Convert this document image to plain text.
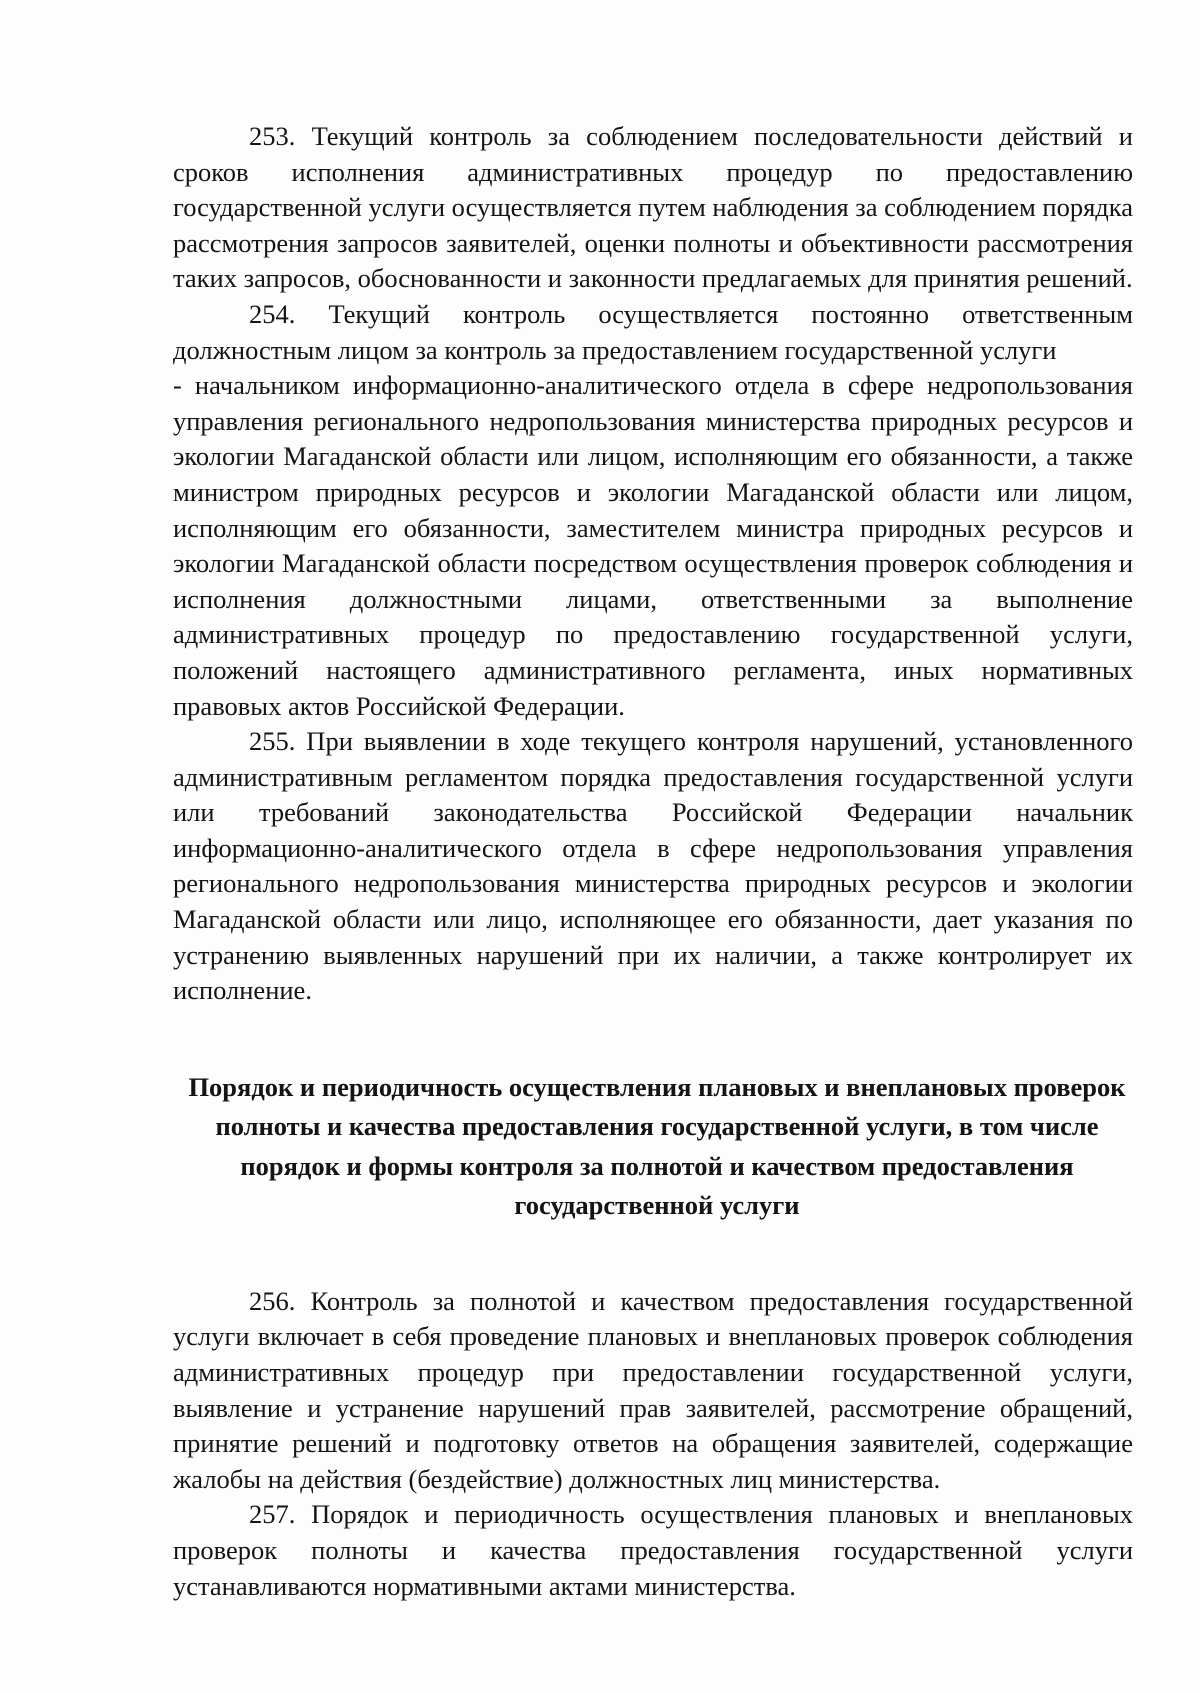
253. Текущий контроль за соблюдением последовательности действий и сроков исполнения административных процедур по предоставлению государственной услуги осуществляется путем наблюдения за соблюдением порядка рассмотрения запросов заявителей, оценки полноты и объективности рассмотрения таких запросов, обоснованности и законности предлагаемых для принятия решений.

254. Текущий контроль осуществляется постоянно ответственным должностным лицом за контроль за предоставлением государственной услуги
- начальником информационно-аналитического отдела в сфере недропользования управления регионального недропользования министерства природных ресурсов и экологии Магаданской области или лицом, исполняющим его обязанности, а также министром природных ресурсов и экологии Магаданской области или лицом, исполняющим его обязанности, заместителем министра природных ресурсов и экологии Магаданской области посредством осуществления проверок соблюдения и исполнения должностными лицами, ответственными за выполнение административных процедур по предоставлению государственной услуги, положений настоящего административного регламента, иных нормативных правовых актов Российской Федерации.

255. При выявлении в ходе текущего контроля нарушений, установленного административным регламентом порядка предоставления государственной услуги или требований законодательства Российской Федерации начальник информационно-аналитического отдела в сфере недропользования управления регионального недропользования министерства природных ресурсов и экологии Магаданской области или лицо, исполняющее его обязанности, дает указания по устранению выявленных нарушений при их наличии, а также контролирует их исполнение.

Порядок и периодичность осуществления плановых и внеплановых проверок полноты и качества предоставления государственной услуги, в том числе порядок и формы контроля за полнотой и качеством предоставления государственной услуги

256. Контроль за полнотой и качеством предоставления государственной услуги включает в себя проведение плановых и внеплановых проверок соблюдения административных процедур при предоставлении государственной услуги, выявление и устранение нарушений прав заявителей, рассмотрение обращений, принятие решений и подготовку ответов на обращения заявителей, содержащие жалобы на действия (бездействие) должностных лиц министерства.

257. Порядок и периодичность осуществления плановых и внеплановых проверок полноты и качества предоставления государственной услуги устанавливаются нормативными актами министерства.
